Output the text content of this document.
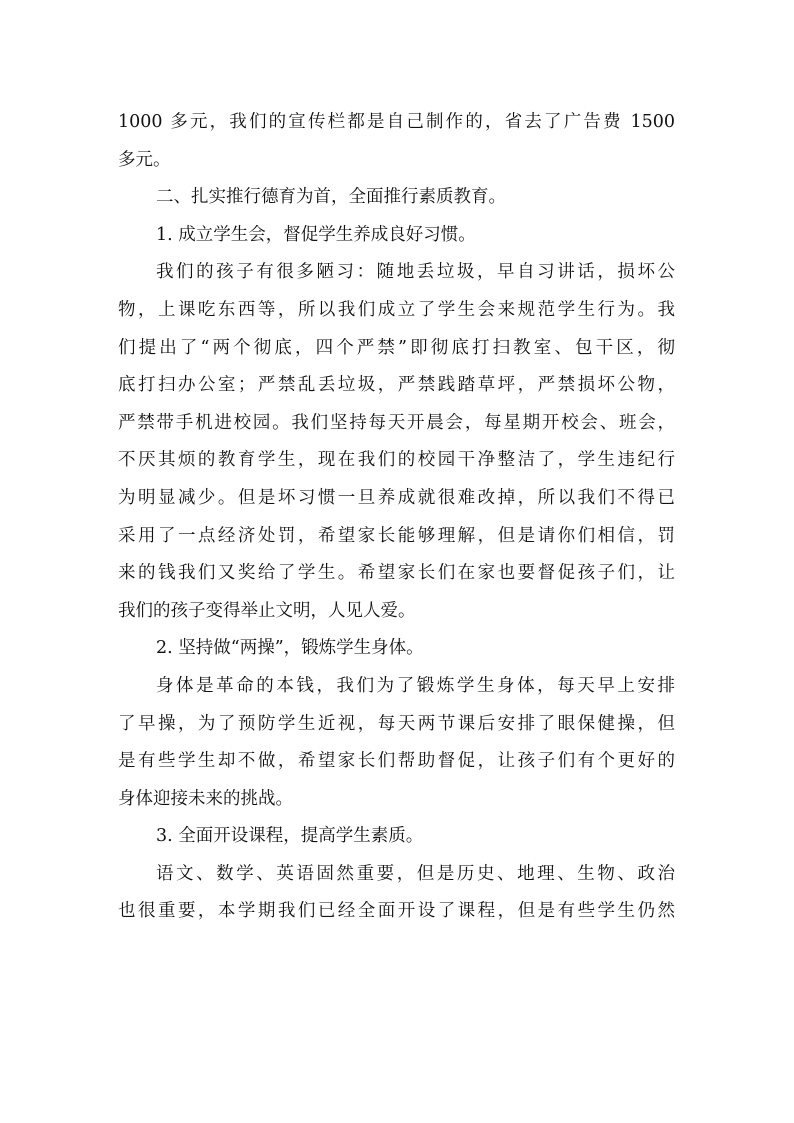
1000 多元，我们的宣传栏都是自己制作的，省去了广告费 1500
多元。
二、扎实推行德育为首，全面推行素质教育。
1. 成立学生会，督促学生养成良好习惯。
我们的孩子有很多陋习：随地丢垃圾，早自习讲话，损坏公
物，上课吃东西等，所以我们成立了学生会来规范学生行为。我
们提出了“两个彻底，四个严禁”即彻底打扫教室、包干区，彻
底打扫办公室；严禁乱丢垃圾，严禁践踏草坪，严禁损坏公物，
严禁带手机进校园。我们坚持每天开晨会，每星期开校会、班会，
不厌其烦的教育学生，现在我们的校园干净整洁了，学生违纪行
为明显减少。但是坏习惯一旦养成就很难改掉，所以我们不得已
采用了一点经济处罚，希望家长能够理解，但是请你们相信，罚
来的钱我们又奖给了学生。希望家长们在家也要督促孩子们，让
我们的孩子变得举止文明，人见人爱。
2. 坚持做“两操”，锻炼学生身体。
身体是革命的本钱，我们为了锻炼学生身体，每天早上安排
了早操，为了预防学生近视，每天两节课后安排了眼保健操，但
是有些学生却不做，希望家长们帮助督促，让孩子们有个更好的
身体迎接未来的挑战。
3. 全面开设课程，提高学生素质。
语文、数学、英语固然重要，但是历史、地理、生物、政治
也很重要，本学期我们已经全面开设了课程，但是有些学生仍然
